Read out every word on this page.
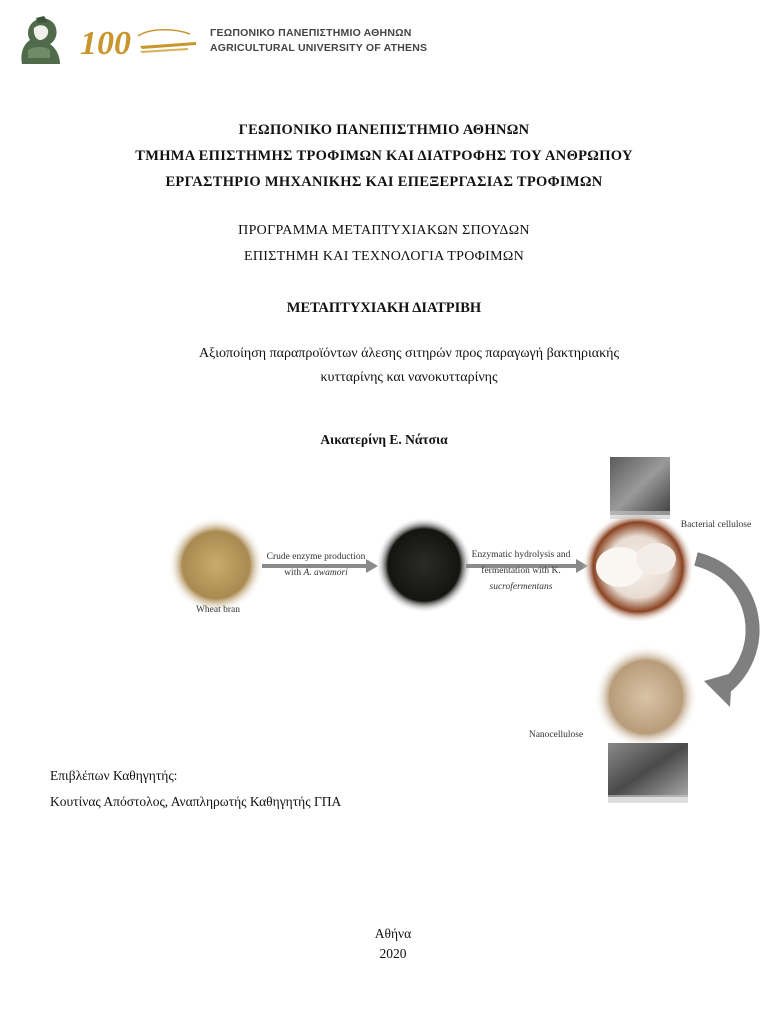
100	ΓΕΩΠΟΝΙΚΟ ΠΑΝΕΠΙΣΤΗΜΙΟ ΑΘΗΝΩΝ
AGRICULTURAL UNIVERSITY OF ATHENS
ΓΕΩΠΟΝΙΚΟ ΠΑΝΕΠΙΣΤΗΜΙΟ ΑΘΗΝΩΝ
ΤΜΗΜΑ ΕΠΙΣΤΗΜΗΣ ΤΡΟΦΙΜΩΝ ΚΑΙ ΔΙΑΤΡΟΦΗΣ ΤΟΥ ΑΝΘΡΩΠΟΥ
ΕΡΓΑΣΤΗΡΙΟ ΜΗΧΑΝΙΚΗΣ ΚΑΙ ΕΠΕΞΕΡΓΑΣΙΑΣ ΤΡΟΦΙΜΩΝ
ΠΡΟΓΡΑΜΜΑ ΜΕΤΑΠΤΥΧΙΑΚΩΝ ΣΠΟΥΔΩΝ
ΕΠΙΣΤΗΜΗ ΚΑΙ ΤΕΧΝΟΛΟΓΙΑ ΤΡΟΦΙΜΩΝ
ΜΕΤΑΠΤΥΧΙΑΚΗ ΔΙΑΤΡΙΒΗ
Αξιοποίηση παραπροϊόντων άλεσης σιτηρών προς παραγωγή βακτηριακής
κυτταρίνης και νανοκυτταρίνης
Αικατερίνη Ε. Νάτσια
Wheat bran
Crude enzyme production
with A. awamori
Enzymatic hydrolysis and
fermentation with K.
sucrofermentans
Bacterial cellulose
Nanocellulose
Επιβλέπων Καθηγητής:
Κουτίνας Απόστολος, Αναπληρωτής Καθηγητής ΓΠΑ
Αθήνα
2020
